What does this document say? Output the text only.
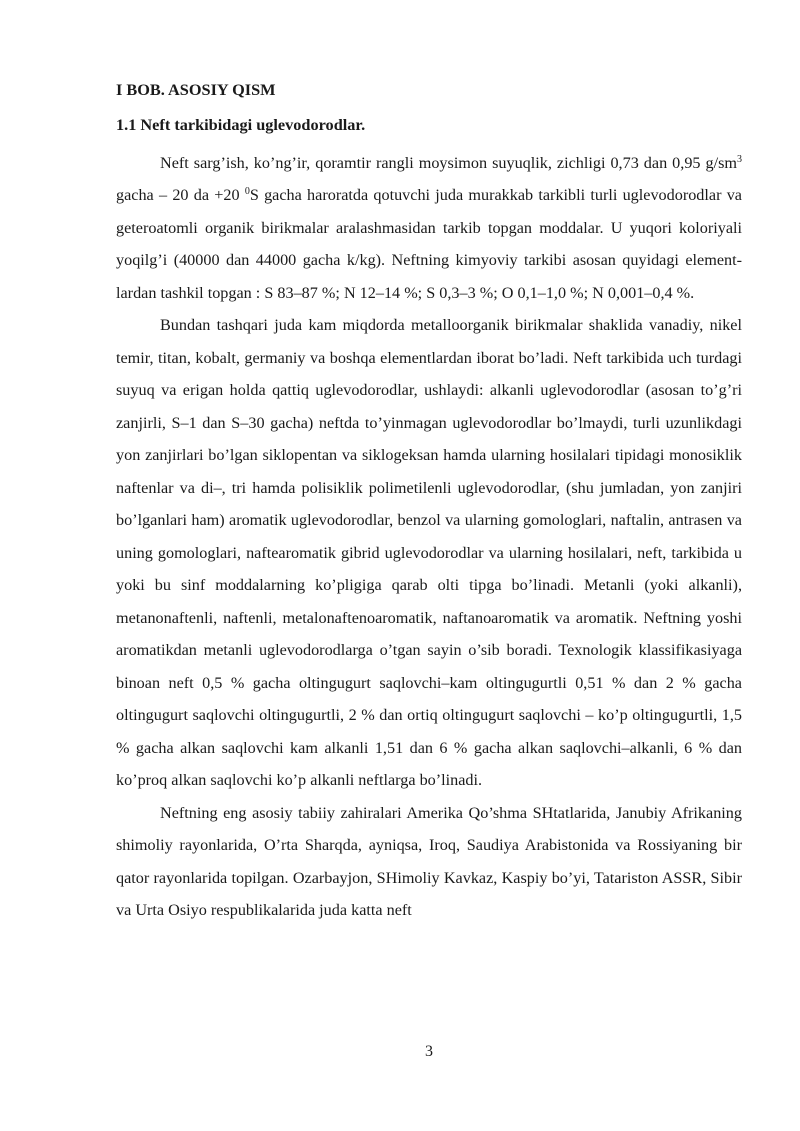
I BOB. ASOSIY QISM
1.1 Neft tarkibidagi uglevodorodlar.

Neft sarg’ish, ko’ng’ir, qoramtir rangli moysimon suyuqlik, zichligi 0,73 dan 0,95 $g/sm^3$ gacha – 20 da +20 $^0$S gacha haroratda qotuvchi juda murakkab tarkibli turli uglevodorodlar va geteroatomli organik birikmalar aralashmasidan tarkib topgan moddalar. U yuqori koloriyali yoqilg’i (40000 dan 44000 gacha k/kg). Neftning kimyoviy tarkibi asosan quyidagi element-lardan tashkil topgan : S 83–87 %; N 12–14 %; S 0,3–3 %; O 0,1–1,0 %; N 0,001–0,4 %.

Bundan tashqari juda kam miqdorda metalloorganik birikmalar shaklida vanadiy, nikel temir, titan, kobalt, germaniy va boshqa elementlardan iborat bo’ladi. Neft tarkibida uch turdagi suyuq va erigan holda qattiq uglevodorodlar, ushlaydi: alkanli uglevodorodlar (asosan to’g’ri zanjirli, S–1 dan S–30 gacha) neftda to’yinmagan uglevodorodlar bo’lmaydi, turli uzunlikdagi yon zanjirlari bo’lgan siklopentan va siklogeksan hamda ularning hosilalari tipidagi monosiklik naftenlar va di–, tri hamda polisiklik polimetilenli uglevodorodlar, (shu jumladan, yon zanjiri bo’lganlari ham) aromatik uglevodorodlar, benzol va ularning gomologlari, naftalin, antrasen va uning gomologlari, naftearomatik gibrid uglevodorodlar va ularning hosilalari, neft, tarkibida u yoki bu sinf moddalarning ko’pligiga qarab olti tipga bo’linadi. Metanli (yoki alkanli), metanonaftenli, naftenli, metalonaftenoaromatik, naftanoaromatik va aromatik. Neftning yoshi aromatikdan metanli uglevodorodlarga o’tgan sayin o’sib boradi. Texnologik klassifikasiyaga binoan neft 0,5 % gacha oltingugurt saqlovchi–kam oltingugurtli 0,51 % dan 2 % gacha oltingugurt saqlovchi oltingugurtli, 2 % dan ortiq oltingugurt saqlovchi – ko’p oltingugurtli, 1,5 % gacha alkan saqlovchi kam alkanli 1,51 dan 6 % gacha alkan saqlovchi–alkanli, 6 % dan ko’proq alkan saqlovchi ko’p alkanli neftlarga bo’linadi.

Neftning eng asosiy tabiiy zahiralari Amerika Qo’shma SHtatlarida, Janubiy Afrikaning shimoliy rayonlarida, O’rta Sharqda, ayniqsa, Iroq, Saudiya Arabistonida va Rossiyaning bir qator rayonlarida topilgan. Ozarbayjon, SHimoliy Kavkaz, Kaspiy bo’yi, Tatariston ASSR, Sibir va Urta Osiyo respublikalarida juda katta neft

3
